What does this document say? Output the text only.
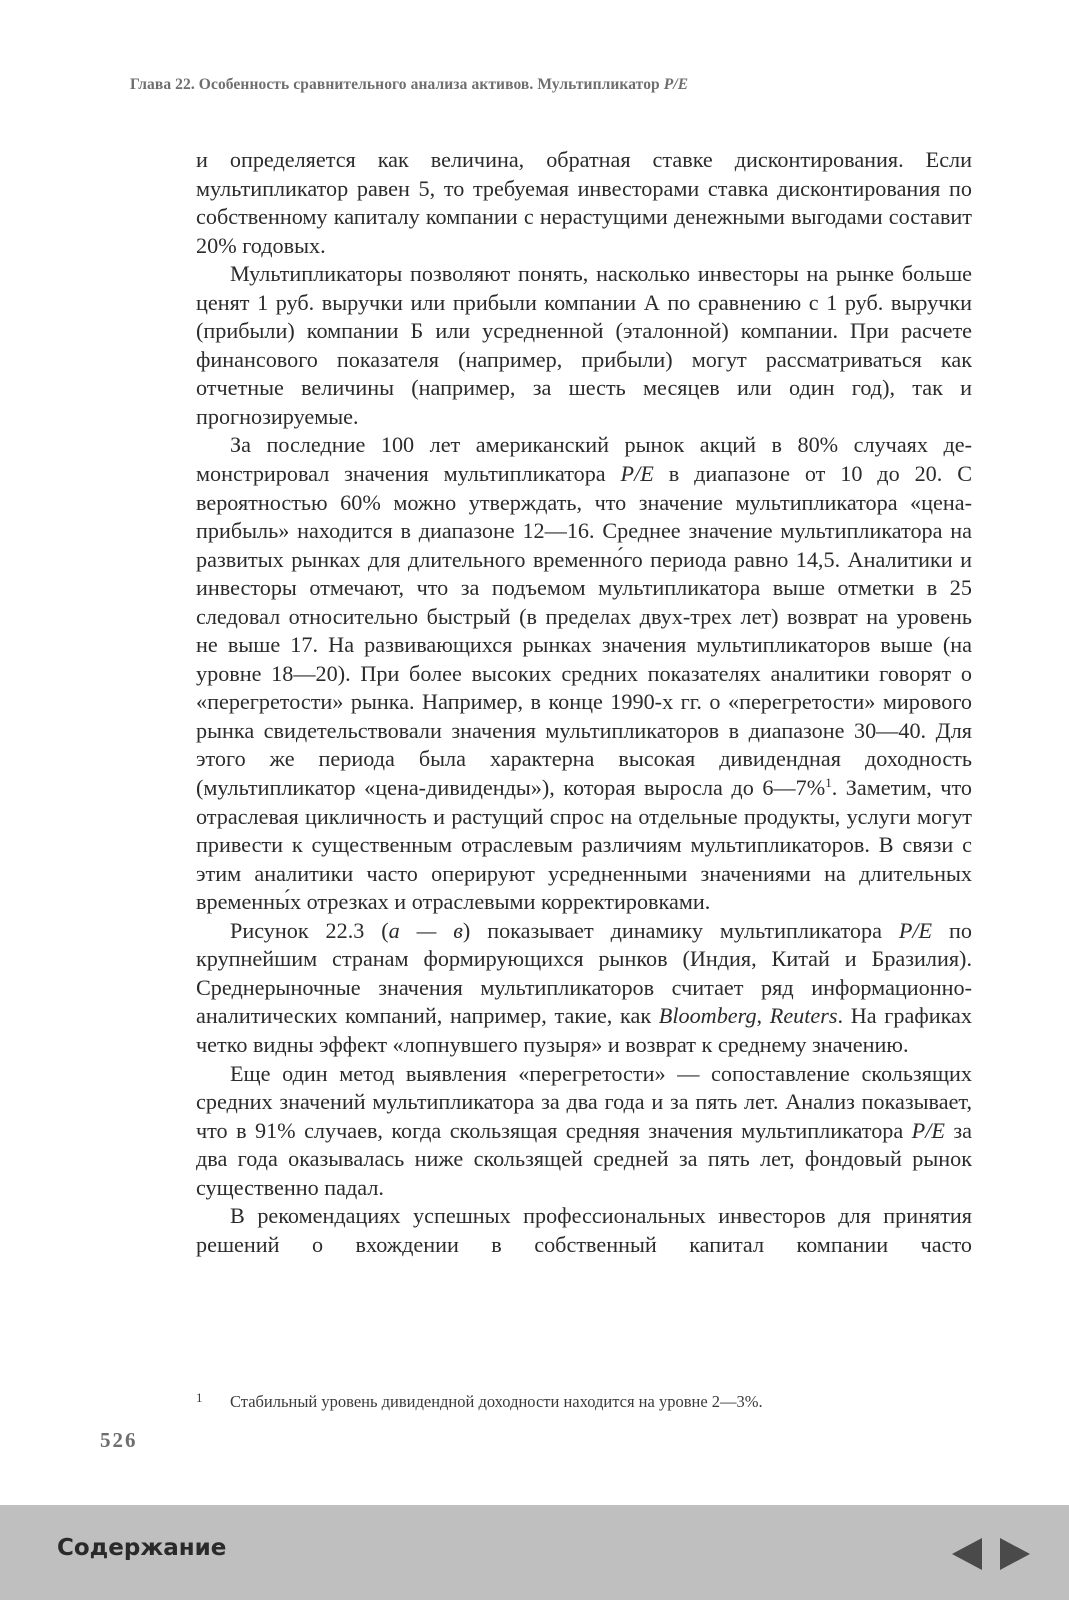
Глава 22. Особенность сравнительного анализа активов. Мультипликатор P/E

и определяется как величина, обратная ставке дисконтирования. Если мультипликатор равен 5, то требуемая инвесторами ставка дисконтирования по собственному капиталу компании с нерастущими денежными выгодами составит 20% годовых.

Мультипликаторы позволяют понять, насколько инвесторы на рынке больше ценят 1 руб. выручки или прибыли компании А по сравнению с 1 руб. выручки (прибыли) компании Б или усредненной (эталонной) компании. При расчете финансового показателя (например, прибыли) могут рассматриваться как отчетные величины (например, за шесть месяцев или один год), так и прогнозируемые.

За последние 100 лет американский рынок акций в 80% случаях демонстрировал значения мультипликатора P/E в диапазоне от 10 до 20. С вероятностью 60% можно утверждать, что значение мультипликатора «цена-прибыль» находится в диапазоне 12—16. Среднее значение мультипликатора на развитых рынках для длительного временно́го периода равно 14,5. Аналитики и инвесторы отмечают, что за подъемом мультипликатора выше отметки в 25 следовал относительно быстрый (в пределах двух-трех лет) возврат на уровень не выше 17. На развивающихся рынках значения мультипликаторов выше (на уровне 18—20). При более высоких средних показателях аналитики говорят о «перегретости» рынка. Например, в конце 1990-х гг. о «перегретости» мирового рынка свидетельствовали значения мультипликаторов в диапазоне 30—40. Для этого же периода была характерна высокая дивидендная доходность (мультипликатор «цена-дивиденды»), которая выросла до 6—7%$^1$. Заметим, что отраслевая цикличность и растущий спрос на отдельные продукты, услуги могут привести к существенным отраслевым различиям мультипликаторов. В связи с этим аналитики часто оперируют усредненными значениями на длительных временны́х отрезках и отраслевыми корректировками.

Рисунок 22.3 (а — в) показывает динамику мультипликатора P/E по крупнейшим странам формирующихся рынков (Индия, Китай и Бразилия). Среднерыночные значения мультипликаторов считает ряд информационно-аналитических компаний, например, такие, как Bloomberg, Reuters. На графиках четко видны эффект «лопнувшего пузыря» и возврат к среднему значению.

Еще один метод выявления «перегретости» — сопоставление скользящих средних значений мультипликатора за два года и за пять лет. Анализ показывает, что в 91% случаев, когда скользящая средняя значения мультипликатора P/E за два года оказывалась ниже скользящей средней за пять лет, фондовый рынок существенно падал.

В рекомендациях успешных профессиональных инвесторов для принятия решений о вхождении в собственный капитал компании часто

1 Стабильный уровень дивидендной доходности находится на уровне 2—3%.
526
Содержание
